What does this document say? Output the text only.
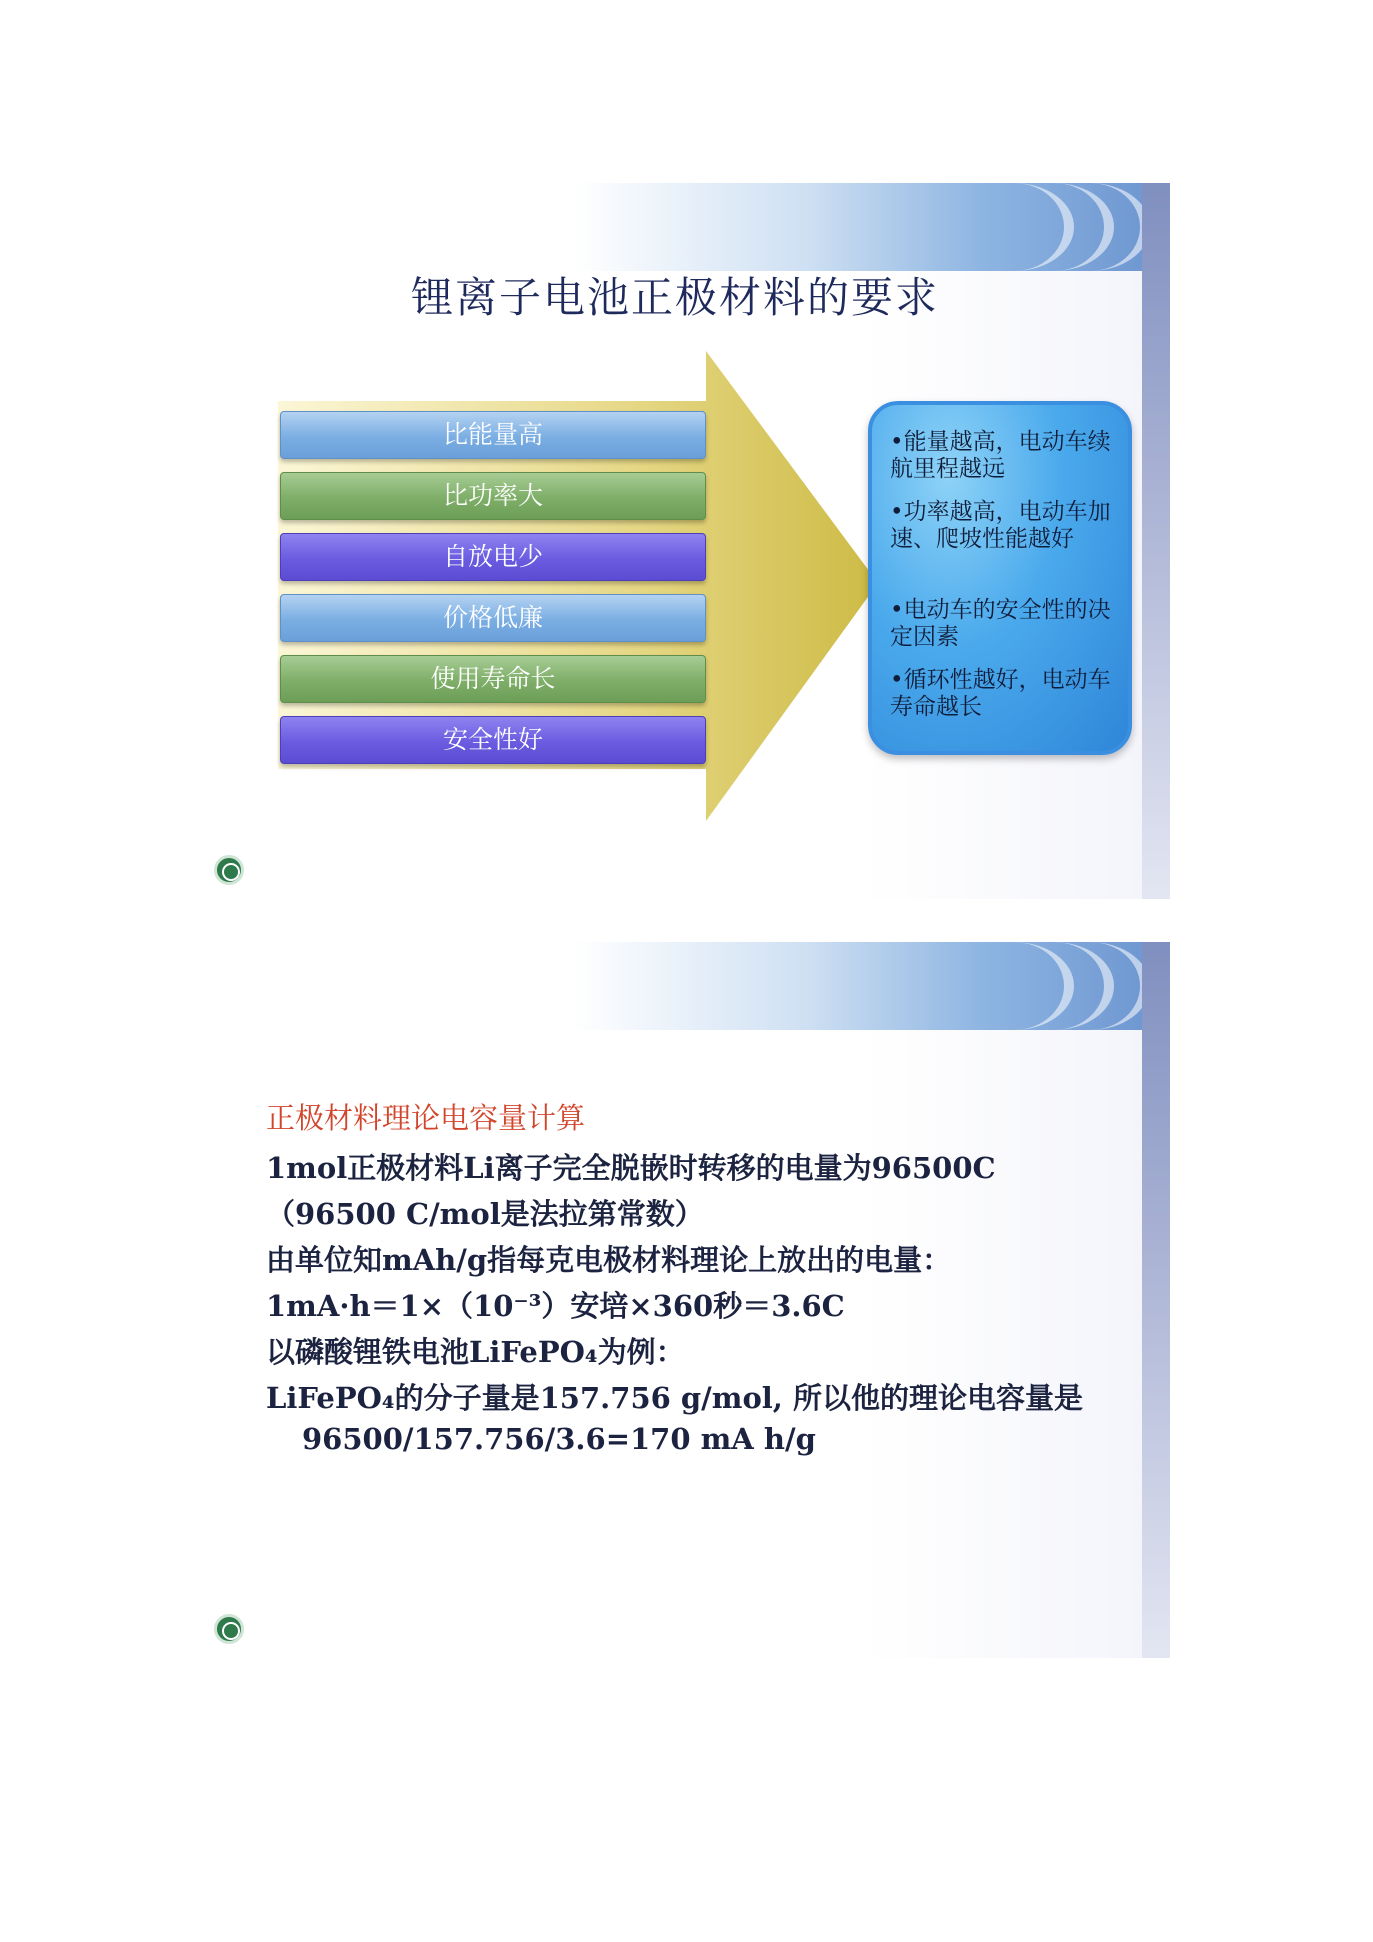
锂离子电池正极材料的要求
比能量高
比功率大
自放电少
价格低廉
使用寿命长
安全性好
•能量越高，电动车续航里程越远
•功率越高，电动车加速、爬坡性能越好
•电动车的安全性的决定因素
•循环性越好，电动车寿命越长
正极材料理论电容量计算
1mol正极材料Li离子完全脱嵌时转移的电量为96500C
（96500 C/mol是法拉第常数）
由单位知mAh/g指每克电极材料理论上放出的电量：
1mA·h＝1×（10⁻³）安培×360秒＝3.6C
以磷酸锂铁电池LiFePO₄为例：
LiFePO₄的分子量是157.756 g/mol, 所以他的理论电容量是
96500/157.756/3.6=170 mA h/g
